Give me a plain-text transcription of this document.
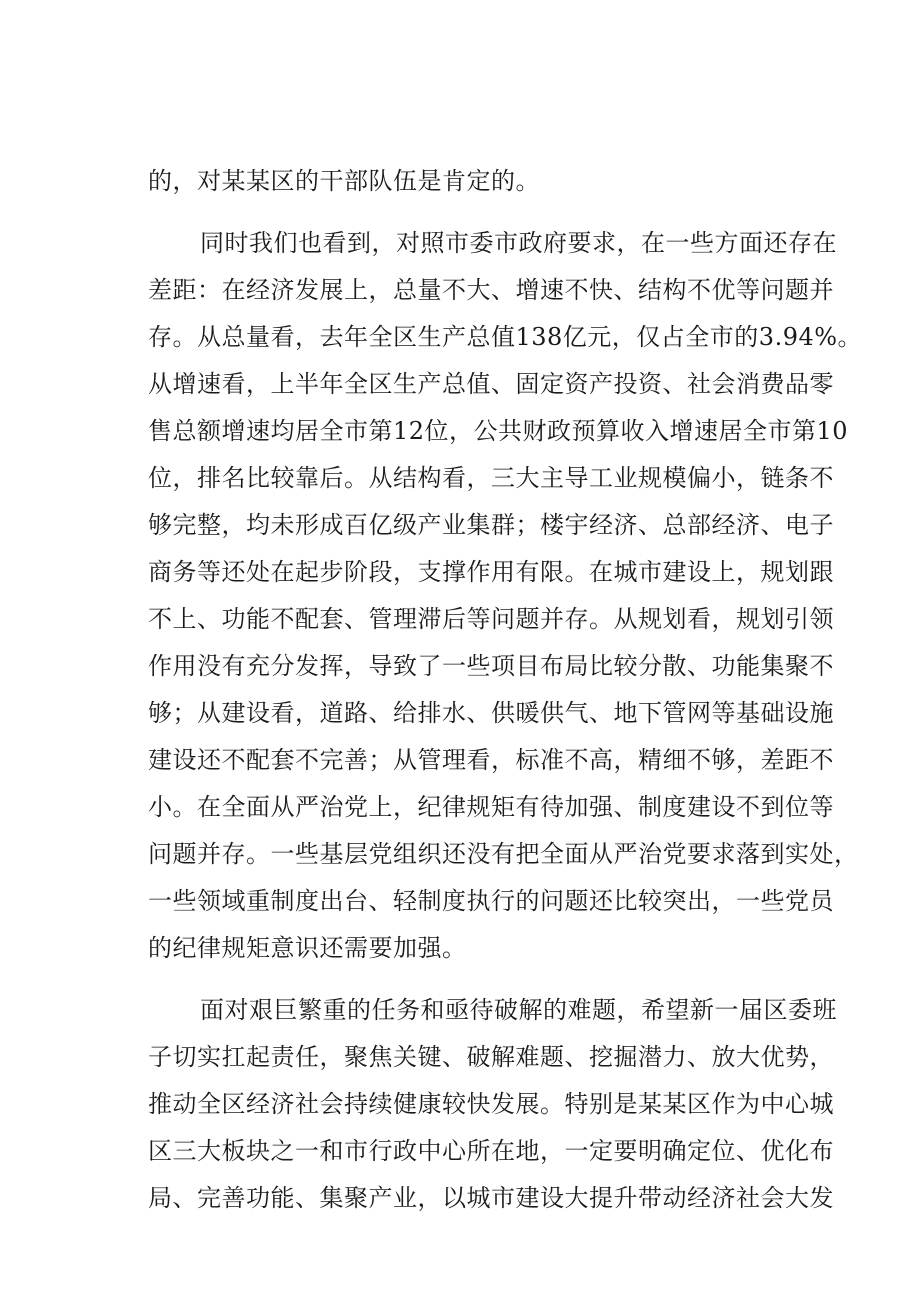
的，对某某区的干部队伍是肯定的。
同时我们也看到，对照市委市政府要求，在一些方面还存在
差距：在经济发展上，总量不大、增速不快、结构不优等问题并
存。从总量看，去年全区生产总值138亿元，仅占全市的3.94%。
从增速看，上半年全区生产总值、固定资产投资、社会消费品零
售总额增速均居全市第12位，公共财政预算收入增速居全市第10
位，排名比较靠后。从结构看，三大主导工业规模偏小，链条不
够完整，均未形成百亿级产业集群；楼宇经济、总部经济、电子
商务等还处在起步阶段，支撑作用有限。在城市建设上，规划跟
不上、功能不配套、管理滞后等问题并存。从规划看，规划引领
作用没有充分发挥，导致了一些项目布局比较分散、功能集聚不
够；从建设看，道路、给排水、供暖供气、地下管网等基础设施
建设还不配套不完善；从管理看，标准不高，精细不够，差距不
小。在全面从严治党上，纪律规矩有待加强、制度建设不到位等
问题并存。一些基层党组织还没有把全面从严治党要求落到实处，
一些领域重制度出台、轻制度执行的问题还比较突出，一些党员
的纪律规矩意识还需要加强。
面对艰巨繁重的任务和亟待破解的难题，希望新一届区委班
子切实扛起责任，聚焦关键、破解难题、挖掘潜力、放大优势，
推动全区经济社会持续健康较快发展。特别是某某区作为中心城
区三大板块之一和市行政中心所在地，一定要明确定位、优化布
局、完善功能、集聚产业，以城市建设大提升带动经济社会大发
